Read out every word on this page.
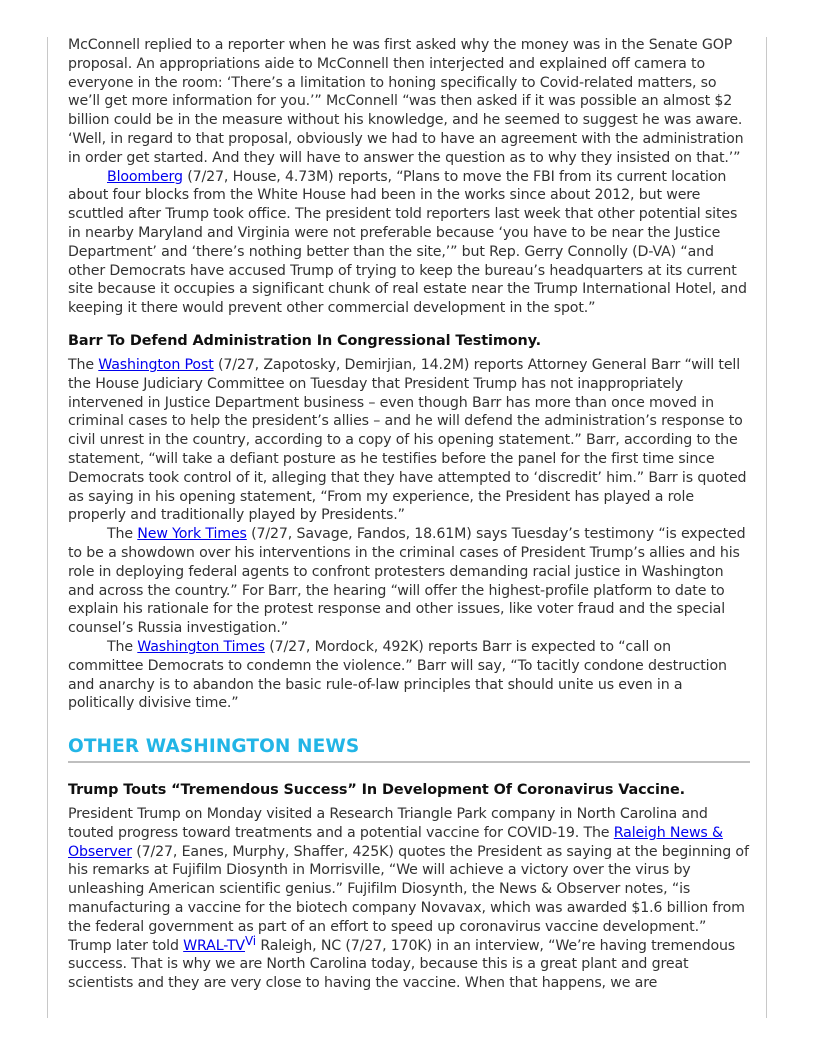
McConnell replied to a reporter when he was first asked why the money was in the Senate GOP proposal. An appropriations aide to McConnell then interjected and explained off camera to everyone in the room: ‘There’s a limitation to honing specifically to Covid-related matters, so we’ll get more information for you.’” McConnell “was then asked if it was possible an almost $2 billion could be in the measure without his knowledge, and he seemed to suggest he was aware. ‘Well, in regard to that proposal, obviously we had to have an agreement with the administration in order get started. And they will have to answer the question as to why they insisted on that.’”

Bloomberg (7/27, House, 4.73M) reports, “Plans to move the FBI from its current location about four blocks from the White House had been in the works since about 2012, but were scuttled after Trump took office. The president told reporters last week that other potential sites in nearby Maryland and Virginia were not preferable because ‘you have to be near the Justice Department’ and ‘there’s nothing better than the site,’” but Rep. Gerry Connolly (D-VA) “and other Democrats have accused Trump of trying to keep the bureau’s headquarters at its current site because it occupies a significant chunk of real estate near the Trump International Hotel, and keeping it there would prevent other commercial development in the spot.”

Barr To Defend Administration In Congressional Testimony.

The Washington Post (7/27, Zapotosky, Demirjian, 14.2M) reports Attorney General Barr “will tell the House Judiciary Committee on Tuesday that President Trump has not inappropriately intervened in Justice Department business – even though Barr has more than once moved in criminal cases to help the president’s allies – and he will defend the administration’s response to civil unrest in the country, according to a copy of his opening statement.” Barr, according to the statement, “will take a defiant posture as he testifies before the panel for the first time since Democrats took control of it, alleging that they have attempted to ‘discredit’ him.” Barr is quoted as saying in his opening statement, “From my experience, the President has played a role properly and traditionally played by Presidents.”

The New York Times (7/27, Savage, Fandos, 18.61M) says Tuesday’s testimony “is expected to be a showdown over his interventions in the criminal cases of President Trump’s allies and his role in deploying federal agents to confront protesters demanding racial justice in Washington and across the country.” For Barr, the hearing “will offer the highest-profile platform to date to explain his rationale for the protest response and other issues, like voter fraud and the special counsel’s Russia investigation.”

The Washington Times (7/27, Mordock, 492K) reports Barr is expected to “call on committee Democrats to condemn the violence.” Barr will say, “To tacitly condone destruction and anarchy is to abandon the basic rule-of-law principles that should unite us even in a politically divisive time.”

OTHER WASHINGTON NEWS
Trump Touts “Tremendous Success” In Development Of Coronavirus Vaccine.

President Trump on Monday visited a Research Triangle Park company in North Carolina and touted progress toward treatments and a potential vaccine for COVID-19. The Raleigh News & Observer (7/27, Eanes, Murphy, Shaffer, 425K) quotes the President as saying at the beginning of his remarks at Fujifilm Diosynth in Morrisville, “We will achieve a victory over the virus by unleashing American scientific genius.” Fujifilm Diosynth, the News & Observer notes, “is manufacturing a vaccine for the biotech company Novavax, which was awarded $1.6 billion from the federal government as part of an effort to speed up coronavirus vaccine development.” Trump later told WRAL-$TV^{Vi}$ Raleigh, NC (7/27, 170K) in an interview, “We’re having tremendous success. That is why we are North Carolina today, because this is a great plant and great scientists and they are very close to having the vaccine. When that happens, we are
